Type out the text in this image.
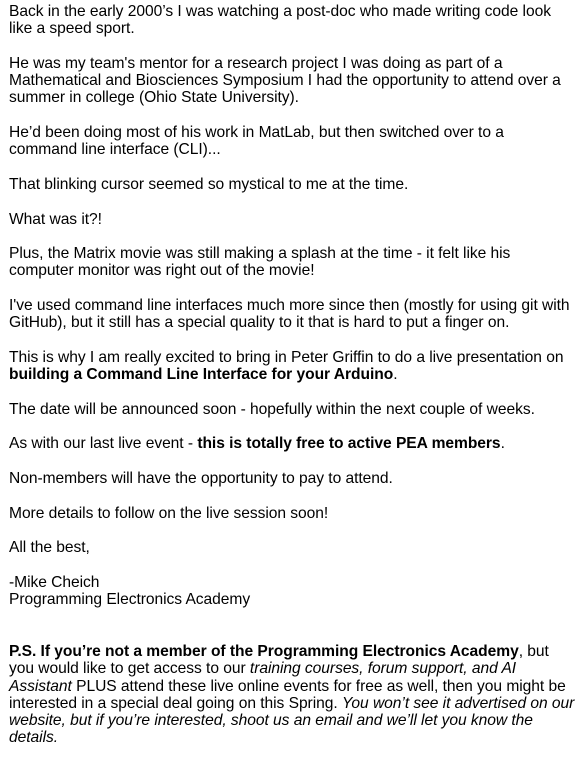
Back in the early 2000’s I was watching a post-doc who made writing code look like a speed sport.

He was my team's mentor for a research project I was doing as part of a Mathematical and Biosciences Symposium I had the opportunity to attend over a summer in college (Ohio State University).

He’d been doing most of his work in MatLab, but then switched over to a command line interface (CLI)...

That blinking cursor seemed so mystical to me at the time.

What was it?!

Plus, the Matrix movie was still making a splash at the time - it felt like his computer monitor was right out of the movie!

I've used command line interfaces much more since then (mostly for using git with GitHub), but it still has a special quality to it that is hard to put a finger on.

This is why I am really excited to bring in Peter Griffin to do a live presentation on building a Command Line Interface for your Arduino.

The date will be announced soon - hopefully within the next couple of weeks.

As with our last live event - this is totally free to active PEA members.

Non-members will have the opportunity to pay to attend.

More details to follow on the live session soon!

All the best,

-Mike Cheich
Programming Electronics Academy

P.S. If you’re not a member of the Programming Electronics Academy, but you would like to get access to our training courses, forum support, and AI Assistant PLUS attend these live online events for free as well, then you might be interested in a special deal going on this Spring. You won’t see it advertised on our website, but if you’re interested, shoot us an email and we’ll let you know the details.
